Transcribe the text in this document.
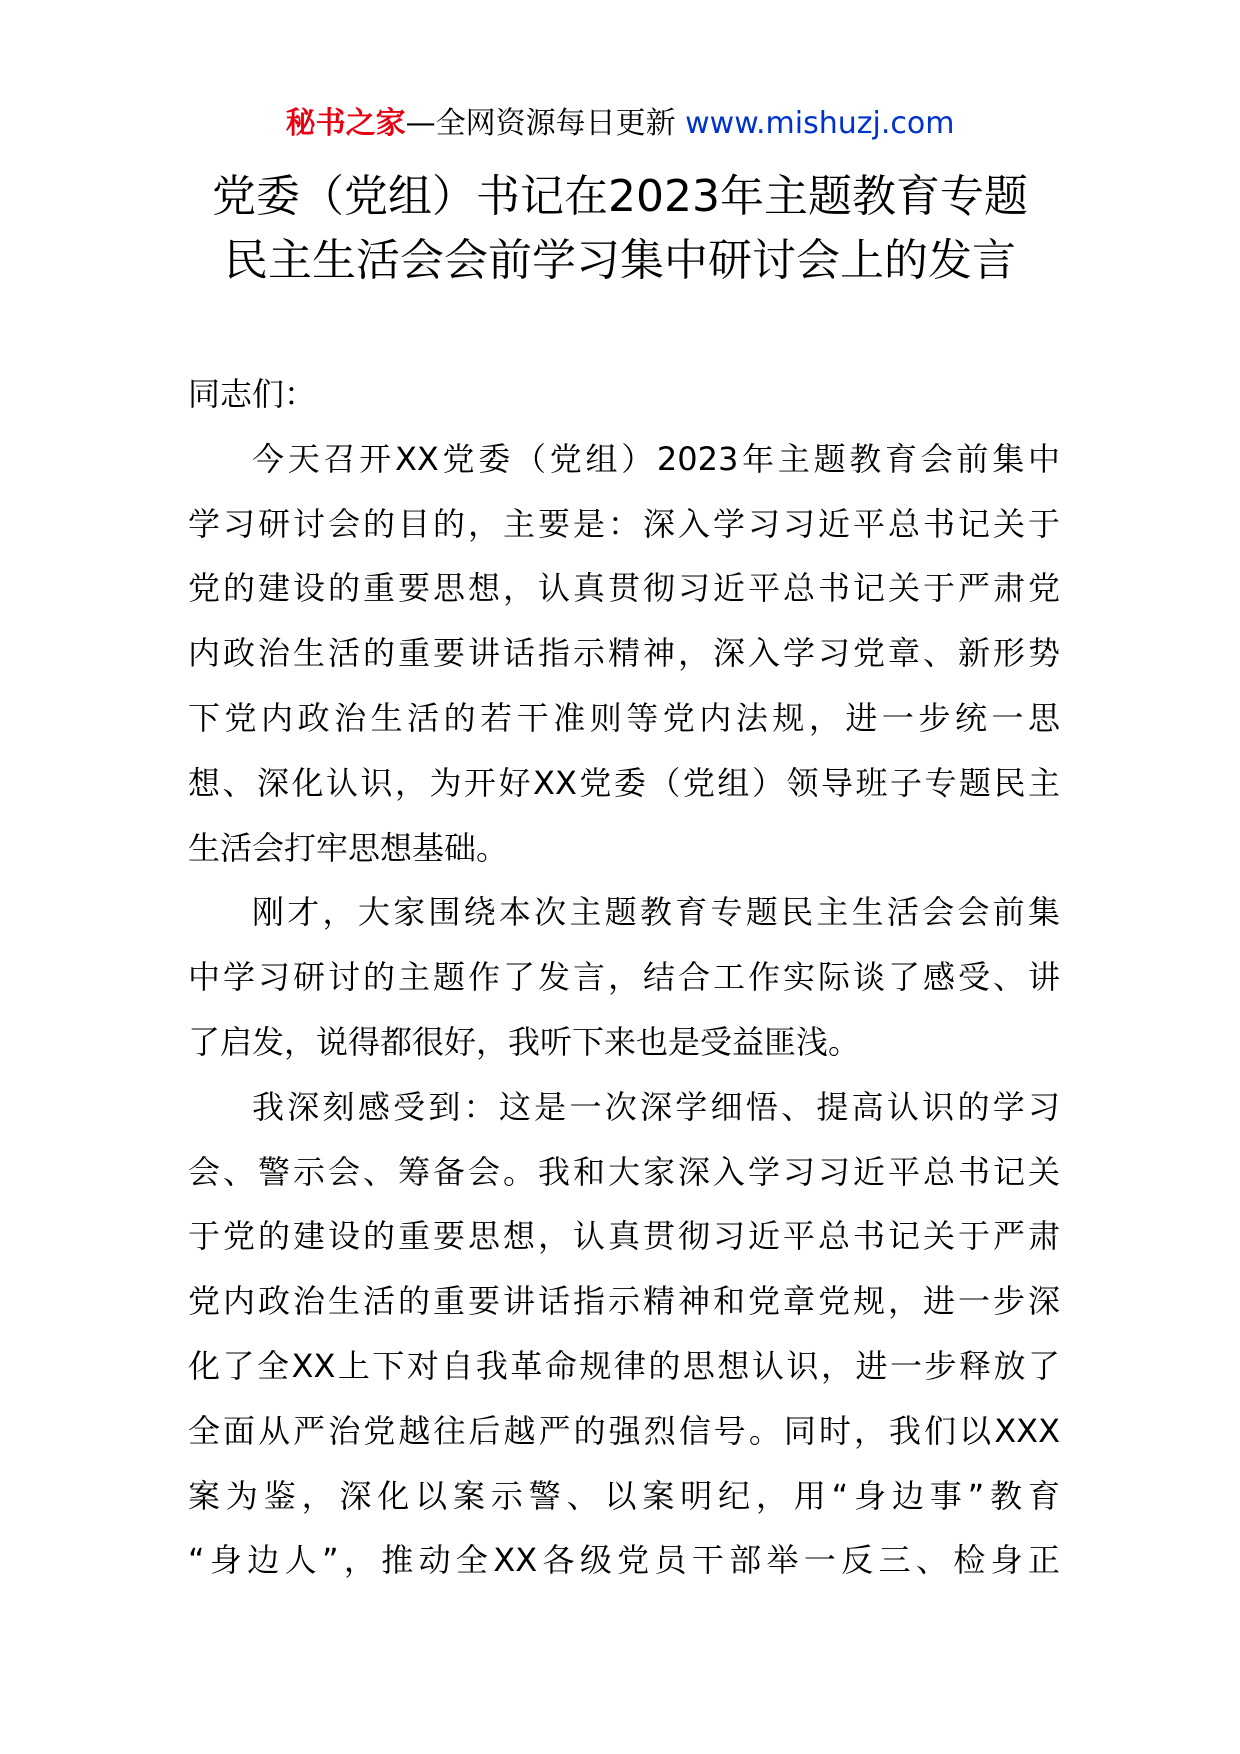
秘书之家—全网资源每日更新 www.mishuzj.com
党委（党组）书记在2023年主题教育专题
民主生活会会前学习集中研讨会上的发言
同志们：
今天召开XX党委（党组）2023年主题教育会前集中
学习研讨会的目的，主要是：深入学习习近平总书记关于
党的建设的重要思想，认真贯彻习近平总书记关于严肃党
内政治生活的重要讲话指示精神，深入学习党章、新形势
下党内政治生活的若干准则等党内法规，进一步统一思
想、深化认识，为开好XX党委（党组）领导班子专题民主
生活会打牢思想基础。
刚才，大家围绕本次主题教育专题民主生活会会前集
中学习研讨的主题作了发言，结合工作实际谈了感受、讲
了启发，说得都很好，我听下来也是受益匪浅。
我深刻感受到：这是一次深学细悟、提高认识的学习
会、警示会、筹备会。我和大家深入学习习近平总书记关
于党的建设的重要思想，认真贯彻习近平总书记关于严肃
党内政治生活的重要讲话指示精神和党章党规，进一步深
化了全XX上下对自我革命规律的思想认识，进一步释放了
全面从严治党越往后越严的强烈信号。同时，我们以XXX
案为鉴，深化以案示警、以案明纪，用“身边事”教育
“身边人”，推动全XX各级党员干部举一反三、检身正
